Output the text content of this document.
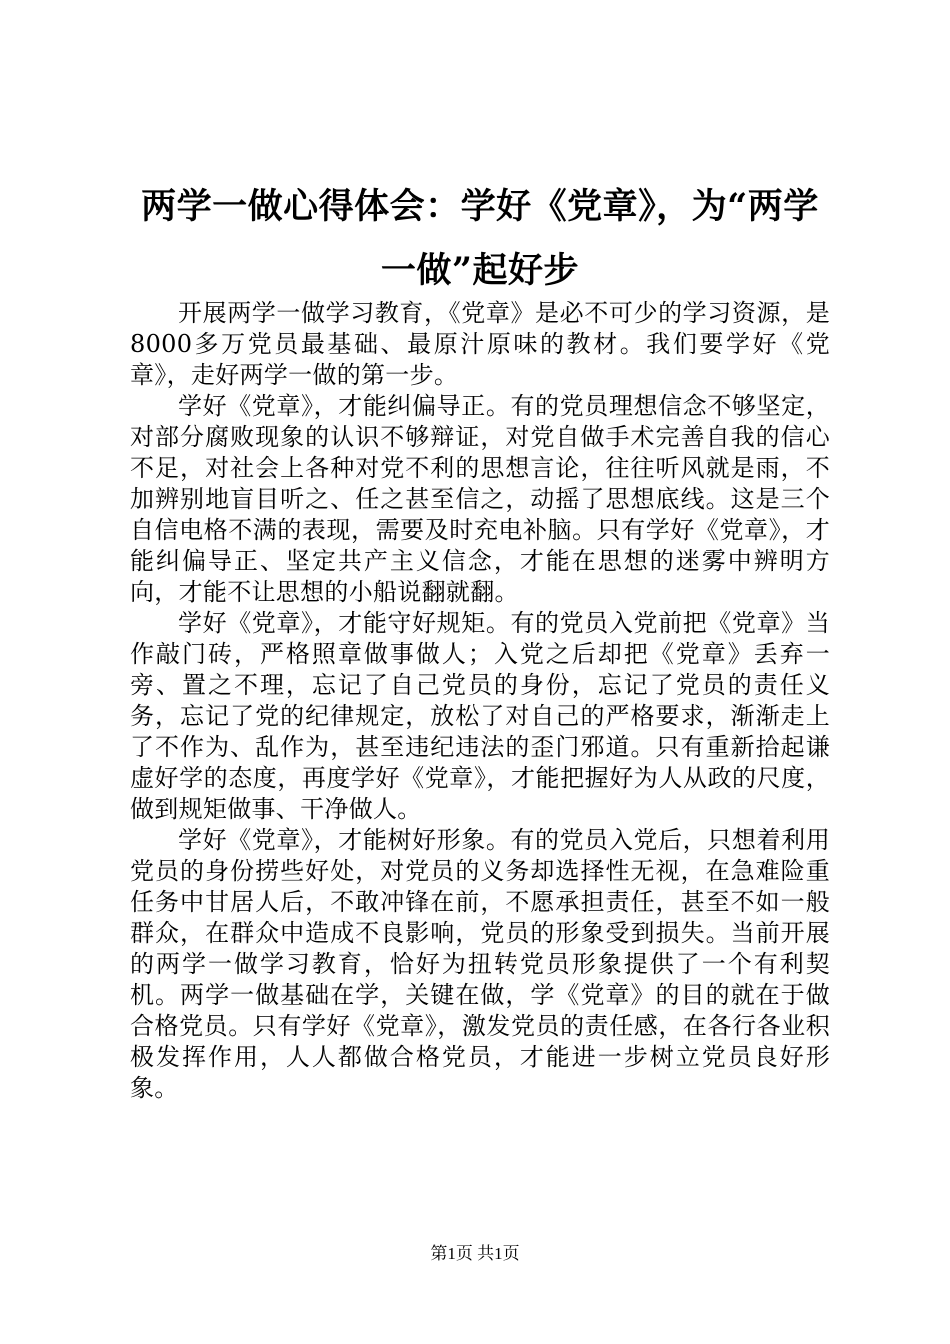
两学一做心得体会：学好《党章》，为“两学一做”起好步

开展两学一做学习教育，《党章》是必不可少的学习资源，是8000多万党员最基础、最原汁原味的教材。我们要学好《党章》，走好两学一做的第一步。

学好《党章》，才能纠偏导正。有的党员理想信念不够坚定，对部分腐败现象的认识不够辩证，对党自做手术完善自我的信心不足，对社会上各种对党不利的思想言论，往往听风就是雨，不加辨别地盲目听之、任之甚至信之，动摇了思想底线。这是三个自信电格不满的表现，需要及时充电补脑。只有学好《党章》，才能纠偏导正、坚定共产主义信念，才能在思想的迷雾中辨明方向，才能不让思想的小船说翻就翻。

学好《党章》，才能守好规矩。有的党员入党前把《党章》当作敲门砖，严格照章做事做人；入党之后却把《党章》丢弃一旁、置之不理，忘记了自己党员的身份，忘记了党员的责任义务，忘记了党的纪律规定，放松了对自己的严格要求，渐渐走上了不作为、乱作为，甚至违纪违法的歪门邪道。只有重新拾起谦虚好学的态度，再度学好《党章》，才能把握好为人从政的尺度，做到规矩做事、干净做人。

学好《党章》，才能树好形象。有的党员入党后，只想着利用党员的身份捞些好处，对党员的义务却选择性无视，在急难险重任务中甘居人后，不敢冲锋在前，不愿承担责任，甚至不如一般群众，在群众中造成不良影响，党员的形象受到损失。当前开展的两学一做学习教育，恰好为扭转党员形象提供了一个有利契机。两学一做基础在学，关键在做，学《党章》的目的就在于做合格党员。只有学好《党章》，激发党员的责任感，在各行各业积极发挥作用，人人都做合格党员，才能进一步树立党员良好形象。

第1页 共1页
